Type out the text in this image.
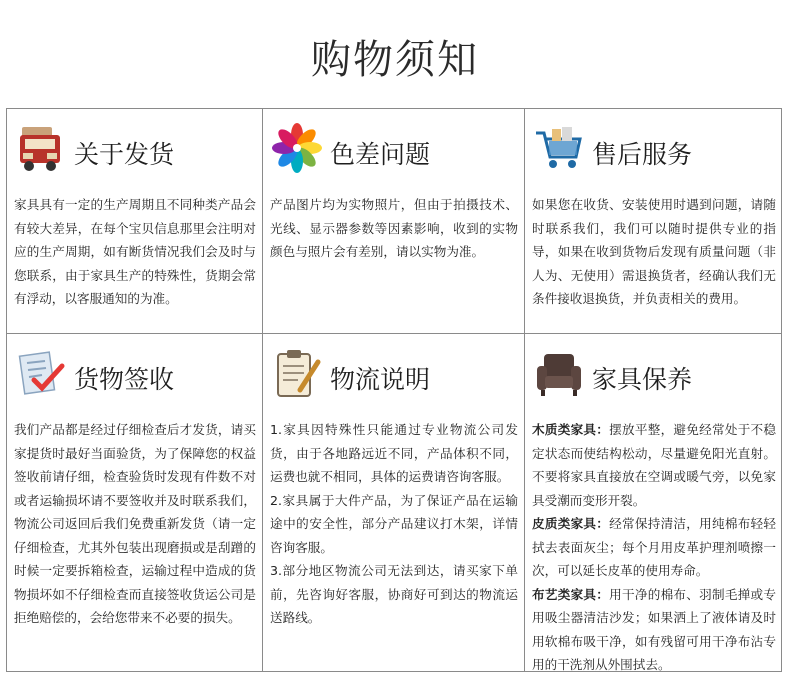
购物须知
关于发货

家具具有一定的生产周期且不同种类产品会有较大差异，在每个宝贝信息那里会注明对应的生产周期，如有断货情况我们会及时与您联系，由于家具生产的特殊性，货期会常有浮动，以客服通知的为准。

色差问题

产品图片均为实物照片，但由于拍摄技术、光线、显示器参数等因素影响，收到的实物颜色与照片会有差别，请以实物为准。

售后服务

如果您在收货、安装使用时遇到问题，请随时联系我们，我们可以随时提供专业的指导，如果在收到货物后发现有质量问题（非人为、无使用）需退换货者，经确认我们无条件接收退换货，并负责相关的费用。

货物签收

我们产品都是经过仔细检查后才发货，请买家提货时最好当面验货，为了保障您的权益签收前请仔细，检查验货时发现有件数不对或者运输损坏请不要签收并及时联系我们，物流公司返回后我们免费重新发货（请一定仔细检查，尤其外包装出现磨损或是刮蹭的时候一定要拆箱检查，运输过程中造成的货物损坏如不仔细检查而直接签收货运公司是拒绝赔偿的，会给您带来不必要的损失。

物流说明

1.家具因特殊性只能通过专业物流公司发货，由于各地路远近不同，产品体积不同，运费也就不相同，具体的运费请咨询客服。

2.家具属于大件产品，为了保证产品在运输途中的安全性，部分产品建议打木架，详情咨询客服。

3.部分地区物流公司无法到达，请买家下单前，先咨询好客服，协商好可到达的物流运送路线。

家具保养

木质类家具：摆放平整，避免经常处于不稳定状态而使结构松动，尽量避免阳光直射。不要将家具直接放在空调或暖气旁，以免家具受潮而变形开裂。

皮质类家具：经常保持清洁，用纯棉布轻轻拭去表面灰尘；每个月用皮革护理剂喷擦一次，可以延长皮革的使用寿命。

布艺类家具：用干净的棉布、羽制毛掸或专用吸尘器清洁沙发；如果洒上了液体请及时用软棉布吸干净，如有残留可用干净布沾专用的干洗剂从外围拭去。
